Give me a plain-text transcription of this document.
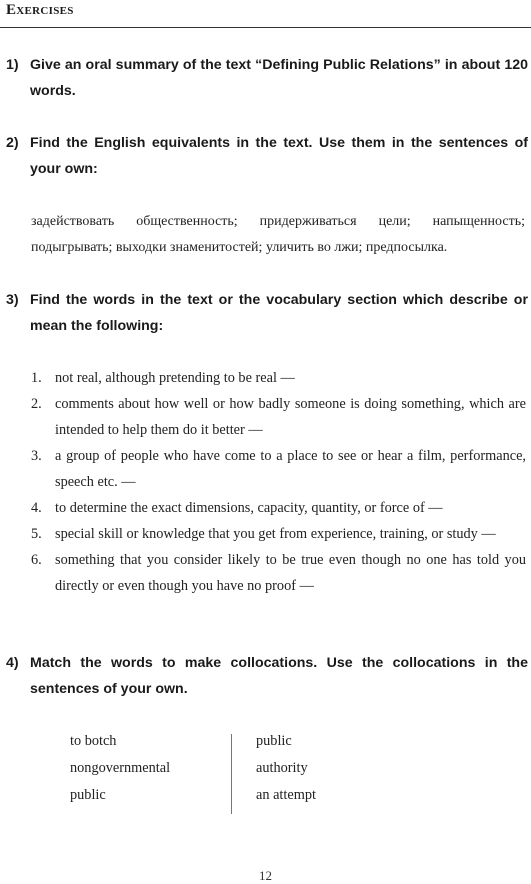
Exercises
1) Give an oral summary of the text “Defining Public Relations” in about 120 words.
2) Find the English equivalents in the text. Use them in the sentences of your own:
задействовать общественность; придерживаться цели; напыщенность; подыгрывать; выходки знаменитостей; уличить во лжи; предпосылка.
3) Find the words in the text or the vocabulary section which describe or mean the following:
1. not real, although pretending to be real —
2. comments about how well or how badly someone is doing something, which are intended to help them do it better —
3. a group of people who have come to a place to see or hear a film, performance, speech etc. —
4. to determine the exact dimensions, capacity, quantity, or force of —
5. special skill or knowledge that you get from experience, training, or study —
6. something that you consider likely to be true even though no one has told you directly or even though you have no proof —
4) Match the words to make collocations. Use the collocations in the sentences of your own.
to botch
nongovernmental
public
public
authority
an attempt
12
